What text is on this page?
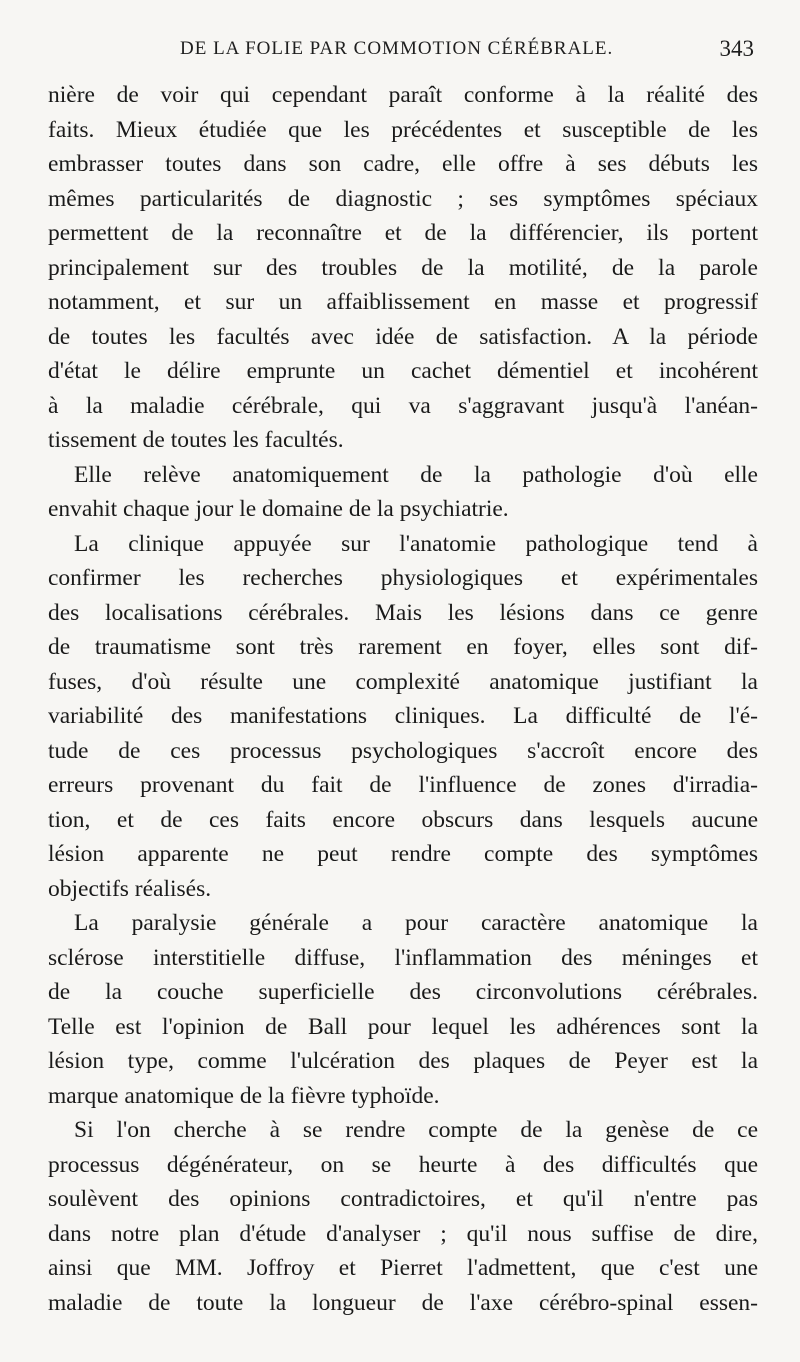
DE LA FOLIE PAR COMMOTION CÉRÉBRALE.	343
nière de voir qui cependant paraît conforme à la réalité des
faits. Mieux étudiée que les précédentes et susceptible de les
embrasser toutes dans son cadre, elle offre à ses débuts les
mêmes particularités de diagnostic ; ses symptômes spéciaux
permettent de la reconnaître et de la différencier, ils portent
principalement sur des troubles de la motilité, de la parole
notamment, et sur un affaiblissement en masse et progressif
de toutes les facultés avec idée de satisfaction. A la période
d'état le délire emprunte un cachet démentiel et incohérent
à la maladie cérébrale, qui va s'aggravant jusqu'à l'anéan-
tissement de toutes les facultés.
Elle relève anatomiquement de la pathologie d'où elle
envahit chaque jour le domaine de la psychiatrie.
La clinique appuyée sur l'anatomie pathologique tend à
confirmer les recherches physiologiques et expérimentales
des localisations cérébrales. Mais les lésions dans ce genre
de traumatisme sont très rarement en foyer, elles sont dif-
fuses, d'où résulte une complexité anatomique justifiant la
variabilité des manifestations cliniques. La difficulté de l'é-
tude de ces processus psychologiques s'accroît encore des
erreurs provenant du fait de l'influence de zones d'irradia-
tion, et de ces faits encore obscurs dans lesquels aucune
lésion apparente ne peut rendre compte des symptômes
objectifs réalisés.
La paralysie générale a pour caractère anatomique la
sclérose interstitielle diffuse, l'inflammation des méninges et
de la couche superficielle des circonvolutions cérébrales.
Telle est l'opinion de Ball pour lequel les adhérences sont la
lésion type, comme l'ulcération des plaques de Peyer est la
marque anatomique de la fièvre typhoïde.
Si l'on cherche à se rendre compte de la genèse de ce
processus dégénérateur, on se heurte à des difficultés que
soulèvent des opinions contradictoires, et qu'il n'entre pas
dans notre plan d'étude d'analyser ; qu'il nous suffise de dire,
ainsi que MM. Joffroy et Pierret l'admettent, que c'est une
maladie de toute la longueur de l'axe cérébro-spinal essen-
